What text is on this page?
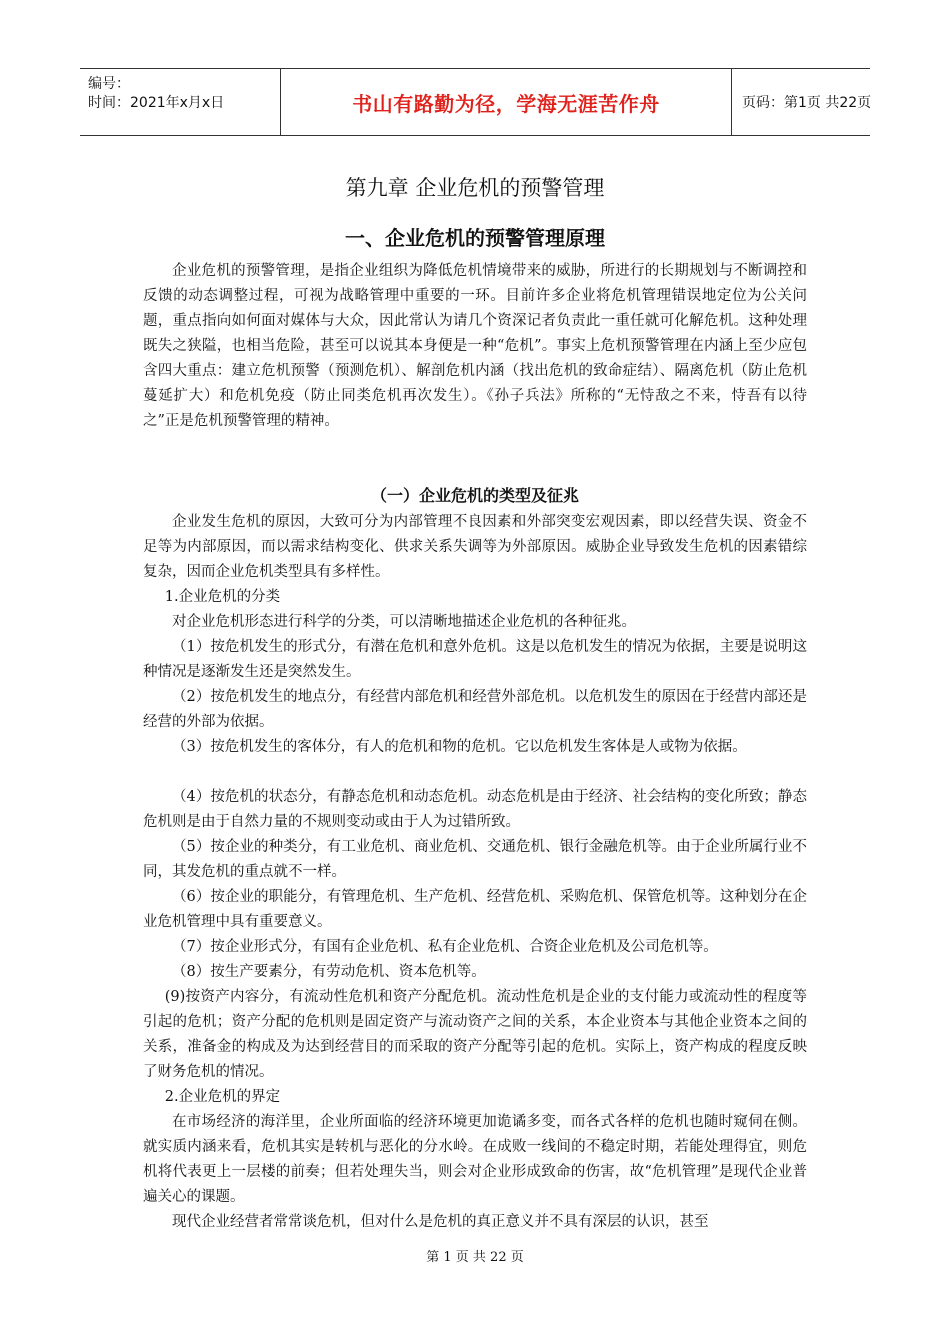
编号：
时间：2021年x月x日	书山有路勤为径，学海无涯苦作舟	页码：第1页 共22页
第九章 企业危机的预警管理
一、企业危机的预警管理原理

企业危机的预警管理，是指企业组织为降低危机情境带来的威胁，所进行的长期规划与不断调控和反馈的动态调整过程，可视为战略管理中重要的一环。目前许多企业将危机管理错误地定位为公关问题，重点指向如何面对媒体与大众，因此常认为请几个资深记者负责此一重任就可化解危机。这种处理既失之狭隘，也相当危险，甚至可以说其本身便是一种“危机”。事实上危机预警管理在内涵上至少应包含四大重点：建立危机预警（预测危机）、解剖危机内涵（找出危机的致命症结）、隔离危机（防止危机蔓延扩大）和危机免疫（防止同类危机再次发生）。《孙子兵法》所称的“无恃敌之不来，恃吾有以待之”正是危机预警管理的精神。

（一）企业危机的类型及征兆

企业发生危机的原因，大致可分为内部管理不良因素和外部突变宏观因素，即以经营失误、资金不足等为内部原因，而以需求结构变化、供求关系失调等为外部原因。威胁企业导致发生危机的因素错综复杂，因而企业危机类型具有多样性。

1.企业危机的分类

对企业危机形态进行科学的分类，可以清晰地描述企业危机的各种征兆。

（1）按危机发生的形式分，有潜在危机和意外危机。这是以危机发生的情况为依据，主要是说明这种情况是逐渐发生还是突然发生。

（2）按危机发生的地点分，有经营内部危机和经营外部危机。以危机发生的原因在于经营内部还是经营的外部为依据。

（3）按危机发生的客体分，有人的危机和物的危机。它以危机发生客体是人或物为依据。

（4）按危机的状态分，有静态危机和动态危机。动态危机是由于经济、社会结构的变化所致；静态危机则是由于自然力量的不规则变动或由于人为过错所致。

（5）按企业的种类分，有工业危机、商业危机、交通危机、银行金融危机等。由于企业所属行业不同，其发危机的重点就不一样。

（6）按企业的职能分，有管理危机、生产危机、经营危机、采购危机、保管危机等。这种划分在企业危机管理中具有重要意义。

（7）按企业形式分，有国有企业危机、私有企业危机、合资企业危机及公司危机等。

（8）按生产要素分，有劳动危机、资本危机等。

(9)按资产内容分，有流动性危机和资产分配危机。流动性危机是企业的支付能力或流动性的程度等引起的危机；资产分配的危机则是固定资产与流动资产之间的关系，本企业资本与其他企业资本之间的关系，准备金的构成及为达到经营目的而采取的资产分配等引起的危机。实际上，资产构成的程度反映了财务危机的情况。

2.企业危机的界定

在市场经济的海洋里，企业所面临的经济环境更加诡谲多变，而各式各样的危机也随时窥伺在侧。就实质内涵来看，危机其实是转机与恶化的分水岭。在成败一线间的不稳定时期，若能处理得宜，则危机将代表更上一层楼的前奏；但若处理失当，则会对企业形成致命的伤害，故“危机管理”是现代企业普遍关心的课题。

现代企业经营者常常谈危机，但对什么是危机的真正意义并不具有深层的认识，甚至

第 1 页 共 22 页
